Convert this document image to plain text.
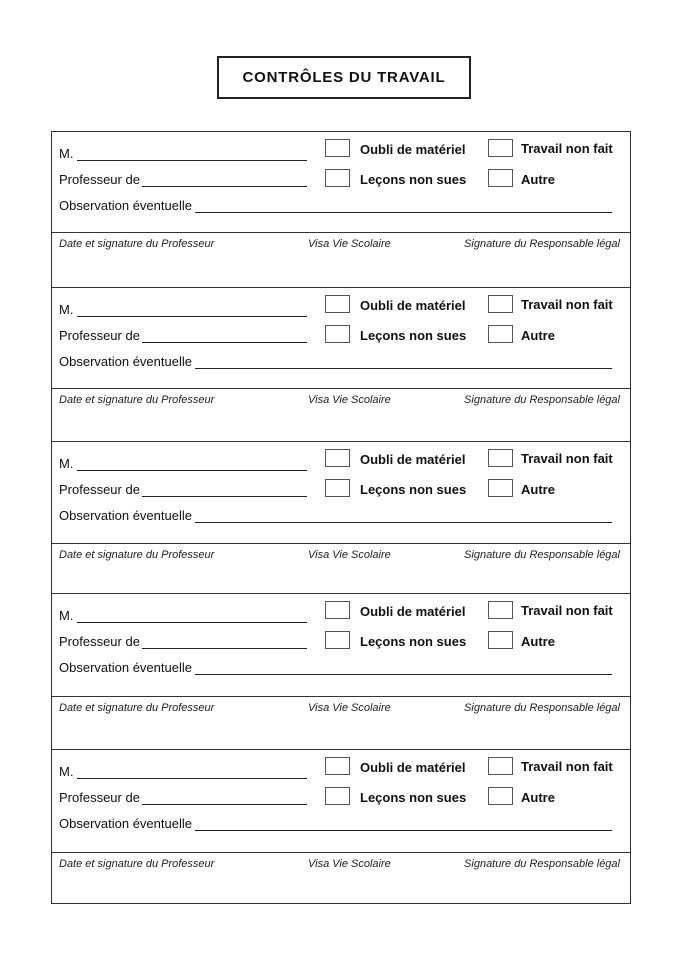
CONTRÔLES DU TRAVAIL
M.
Professeur de
Observation éventuelle
Oubli de matériel	Travail non fait
Leçons non sues	Autre
Date et signature du Professeur	Visa Vie Scolaire	Signature du Responsable légal
M.
Professeur de
Observation éventuelle
Oubli de matériel	Travail non fait
Leçons non sues	Autre
Date et signature du Professeur	Visa Vie Scolaire	Signature du Responsable légal
M.
Professeur de
Observation éventuelle
Oubli de matériel	Travail non fait
Leçons non sues	Autre
Date et signature du Professeur	Visa Vie Scolaire	Signature du Responsable légal
M.
Professeur de
Observation éventuelle
Oubli de matériel	Travail non fait
Leçons non sues	Autre
Date et signature du Professeur	Visa Vie Scolaire	Signature du Responsable légal
M.
Professeur de
Observation éventuelle
Oubli de matériel	Travail non fait
Leçons non sues	Autre
Date et signature du Professeur	Visa Vie Scolaire	Signature du Responsable légal
